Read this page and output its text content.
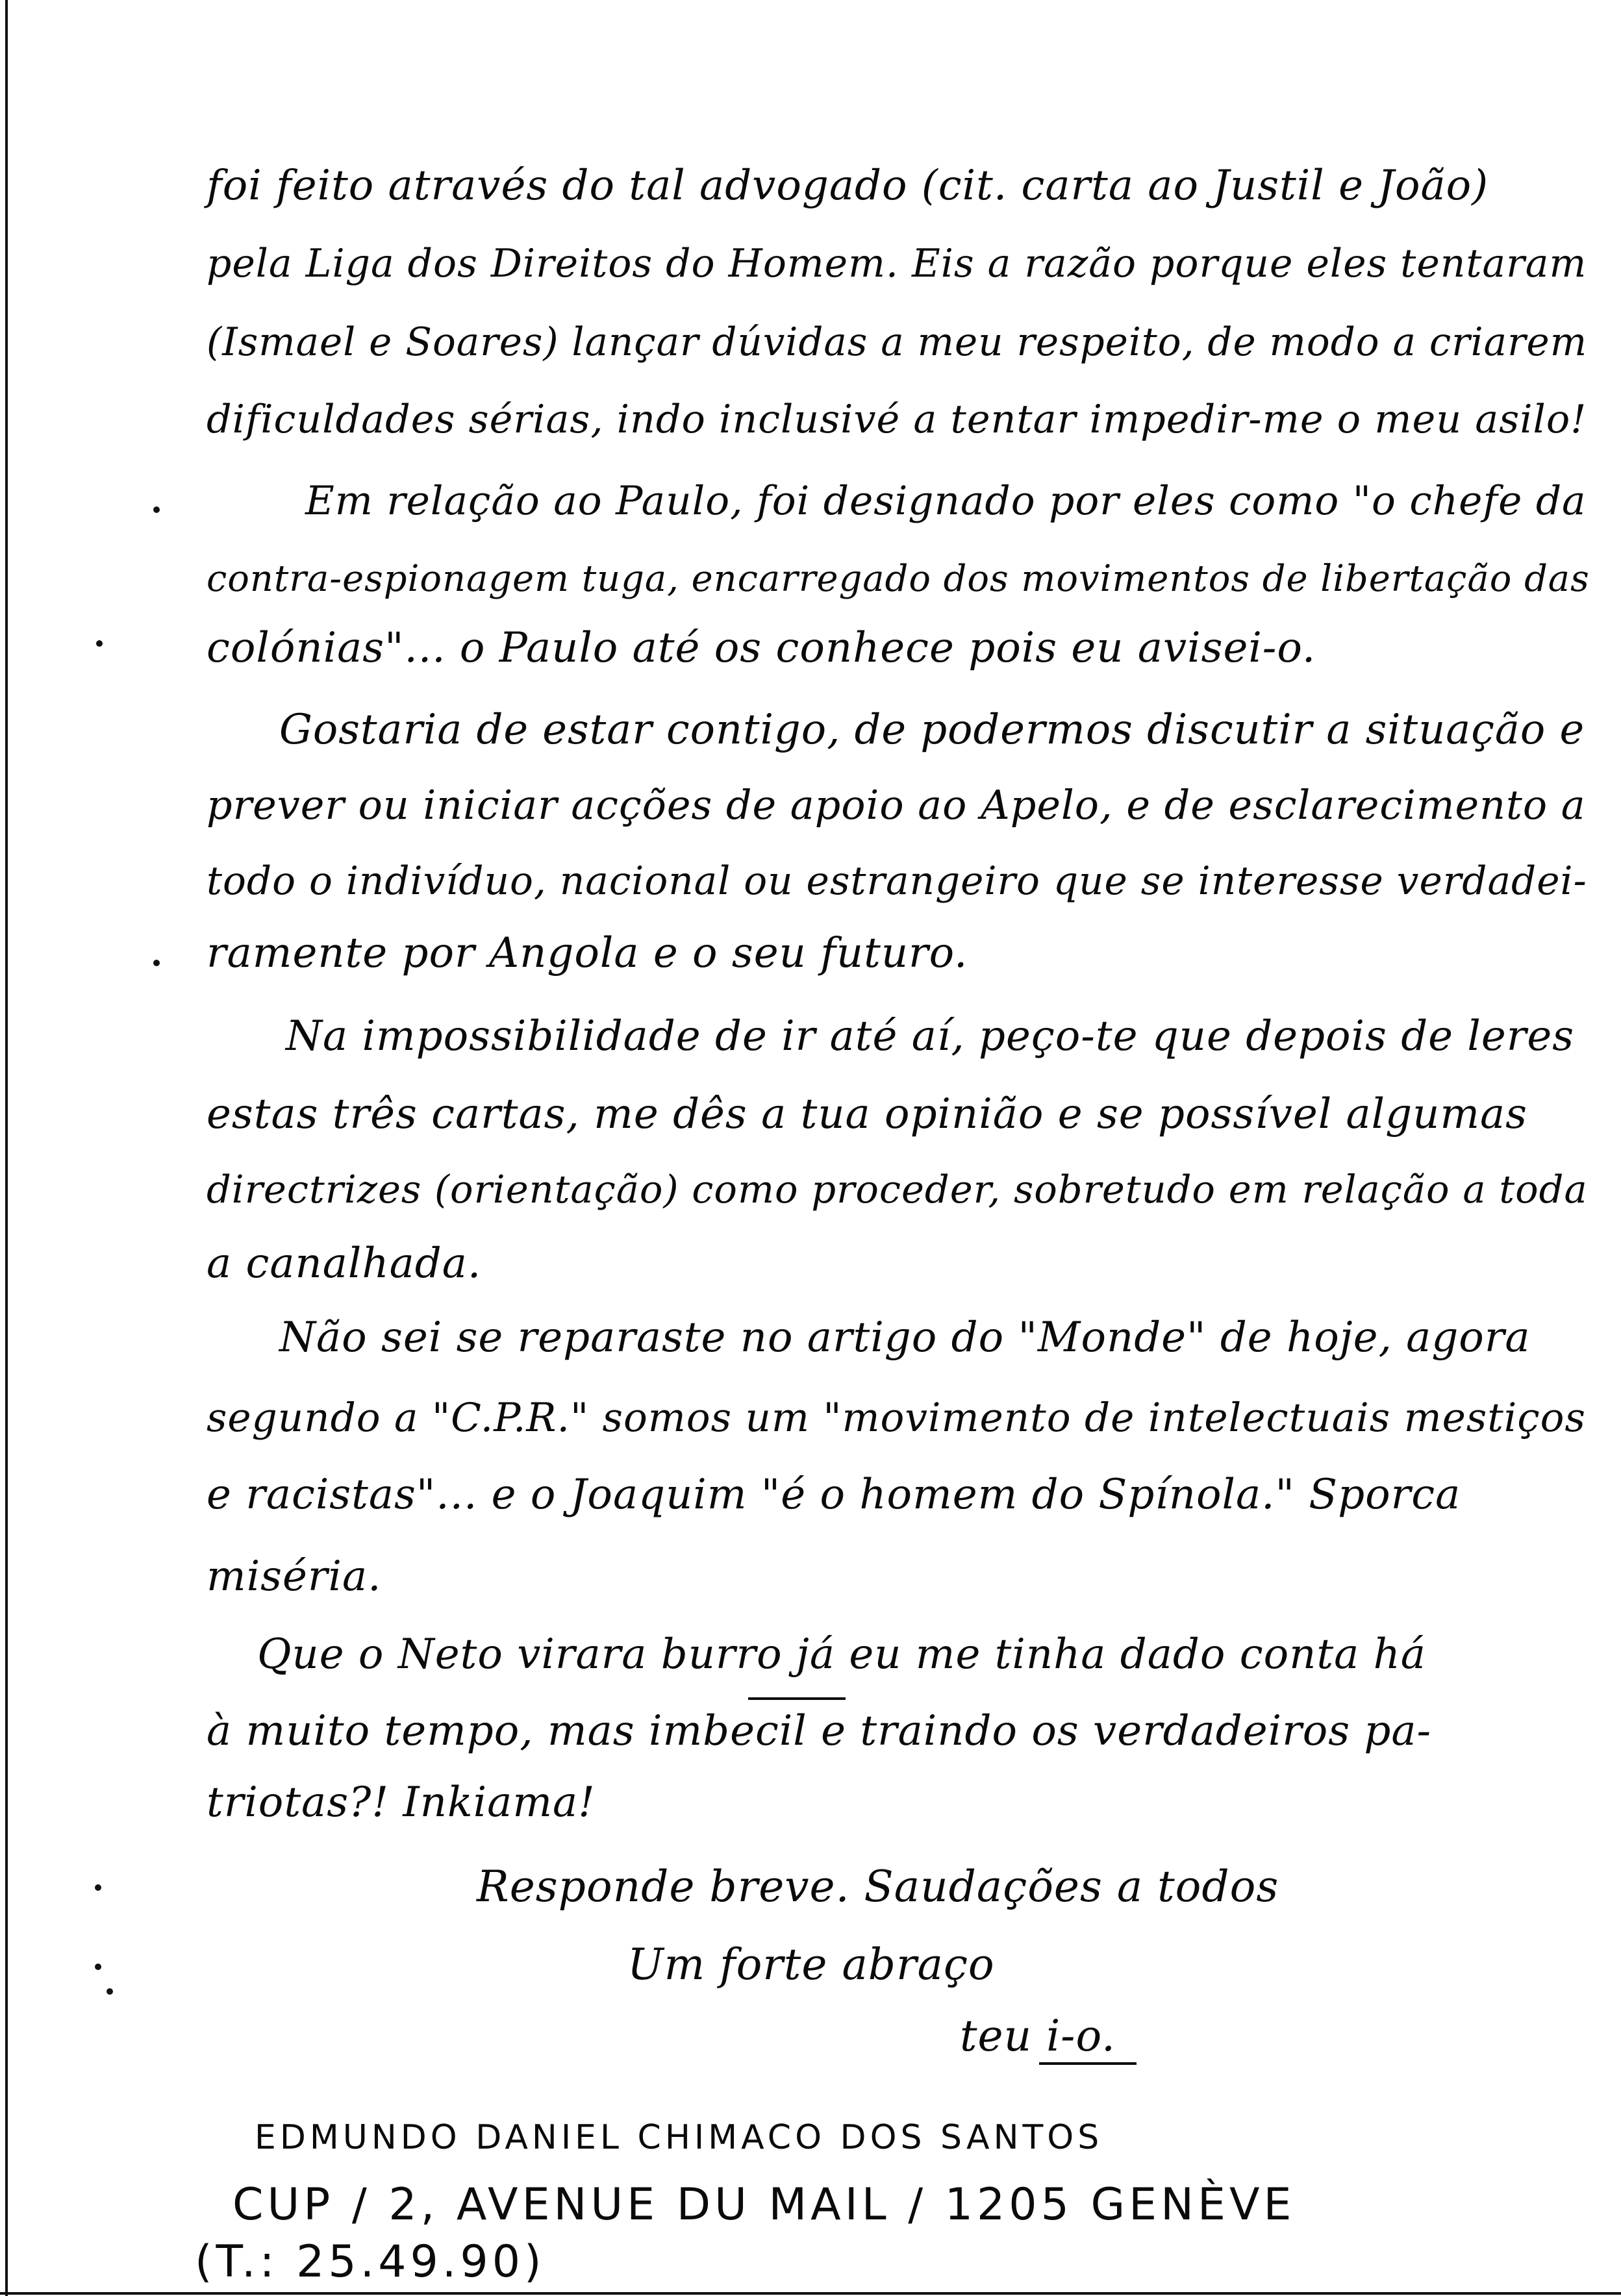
foi feito através do tal advogado (cit. carta ao Justil e João)
pela Liga dos Direitos do Homem. Eis a razão porque eles tentaram
(Ismael e Soares) lançar dúvidas a meu respeito, de modo a criarem
dificuldades sérias, indo inclusivé a tentar impedir-me o meu asilo!
Em relação ao Paulo, foi designado por eles como "o chefe da
contra-espionagem tuga, encarregado dos movimentos de libertação das
colónias"... o Paulo até os conhece pois eu avisei-o.
Gostaria de estar contigo, de podermos discutir a situação e
prever ou iniciar acções de apoio ao Apelo, e de esclarecimento a
todo o indivíduo, nacional ou estrangeiro que se interesse verdadei-
ramente por Angola e o seu futuro.
Na impossibilidade de ir até aí, peço-te que depois de leres
estas três cartas, me dês a tua opinião e se possível algumas
directrizes (orientação) como proceder, sobretudo em relação a toda
a canalhada.
Não sei se reparaste no artigo do "Monde" de hoje, agora
segundo a "C.P.R." somos um "movimento de intelectuais mestiços
e racistas"... e o Joaquim "é o homem do Spínola." Sporca
miséria.
Que o Neto virara burro já eu me tinha dado conta há
à muito tempo, mas imbecil e traindo os verdadeiros pa-
triotas?! Inkiama!
Responde breve. Saudações a todos
Um forte abraço
teu i-o.
EDMUNDO DANIEL CHIMACO DOS SANTOS
CUP / 2, AVENUE DU MAIL / 1205 GENÈVE
(T.: 25.49.90)
